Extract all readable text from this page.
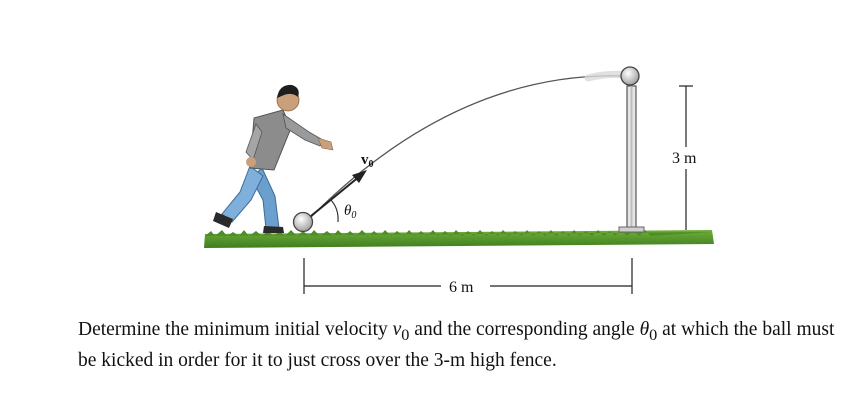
$v_0$
$\theta_0$
3 m
6 m

Determine the minimum initial velocity $v_0$ and the corresponding angle $\theta_0$ at which the ball must be kicked in order for it to just cross over the 3-m high fence.
